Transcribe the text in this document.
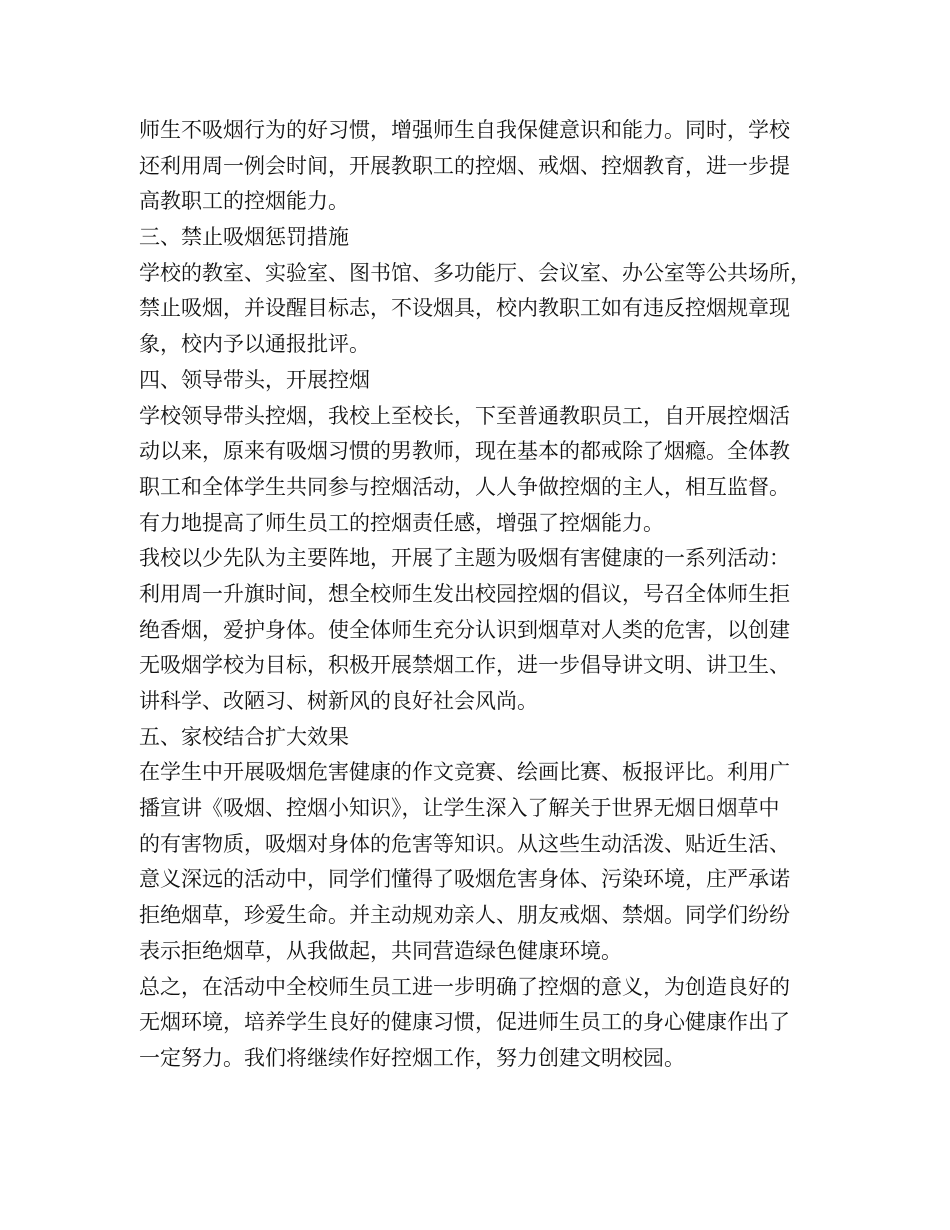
师生不吸烟行为的好习惯，增强师生自我保健意识和能力。同时，学校
还利用周一例会时间，开展教职工的控烟、戒烟、控烟教育，进一步提
高教职工的控烟能力。
三、禁止吸烟惩罚措施
学校的教室、实验室、图书馆、多功能厅、会议室、办公室等公共场所，
禁止吸烟，并设醒目标志，不设烟具，校内教职工如有违反控烟规章现
象，校内予以通报批评。
四、领导带头，开展控烟
学校领导带头控烟，我校上至校长，下至普通教职员工，自开展控烟活
动以来，原来有吸烟习惯的男教师，现在基本的都戒除了烟瘾。全体教
职工和全体学生共同参与控烟活动，人人争做控烟的主人，相互监督。
有力地提高了师生员工的控烟责任感，增强了控烟能力。
我校以少先队为主要阵地，开展了主题为吸烟有害健康的一系列活动：
利用周一升旗时间，想全校师生发出校园控烟的倡议，号召全体师生拒
绝香烟，爱护身体。使全体师生充分认识到烟草对人类的危害，以创建
无吸烟学校为目标，积极开展禁烟工作，进一步倡导讲文明、讲卫生、
讲科学、改陋习、树新风的良好社会风尚。
五、家校结合扩大效果
在学生中开展吸烟危害健康的作文竞赛、绘画比赛、板报评比。利用广
播宣讲《吸烟、控烟小知识》，让学生深入了解关于世界无烟日烟草中
的有害物质，吸烟对身体的危害等知识。从这些生动活泼、贴近生活、
意义深远的活动中，同学们懂得了吸烟危害身体、污染环境，庄严承诺
拒绝烟草，珍爱生命。并主动规劝亲人、朋友戒烟、禁烟。同学们纷纷
表示拒绝烟草，从我做起，共同营造绿色健康环境。
总之，在活动中全校师生员工进一步明确了控烟的意义，为创造良好的
无烟环境，培养学生良好的健康习惯，促进师生员工的身心健康作出了
一定努力。我们将继续作好控烟工作，努力创建文明校园。
